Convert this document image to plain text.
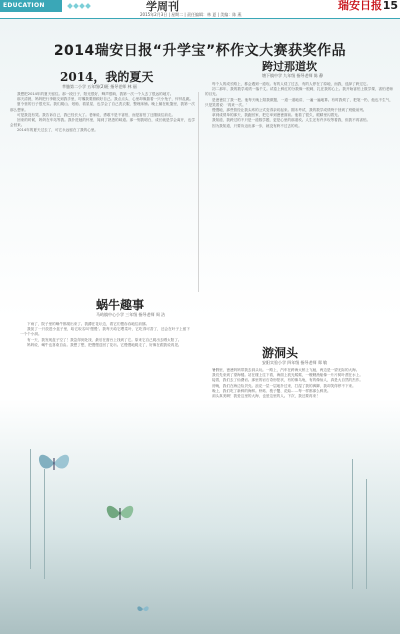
EDUCATION	学周刊	瑞安日报 15
2015年2月3日 | 星期二 | 责任编辑：林 夏 | 美编：陈 燕
2014瑞安日报“升学宝”杯作文大赛获奖作品
2014，我的夏天
莘塍第二小学 五年级(2)班 指导老师 林 丽

我想把2014年的夏天留住。那一段日子，阳光很好，蝉声很响，我第一次一个人去了很远的地方。

那天清晨，妈妈把行李箱交到我手里，叮嘱我要照顾好自己。我点点头，心里却像揣着一只小兔子，怦怦乱跳。

夏令营的日子很充实。我们爬山、划船、看星星，也学会了自己洗衣服、整理床铺。晚上躺在帐篷里，我第一次那么想家。

可是我没有哭。我告诉自己，我已经长大了。老师说，勇敢不是不害怕，而是害怕了还继续往前走。

回来的时候，妈妈在车站等我。我扑进她的怀里，闻到了熟悉的味道。那一刻我明白，成长就是学会离开，也学会回来。

2014年的夏天过去了，可它永远留在了我的心里。

跨过那道坎
塘下镇中学 九年级 指导老师 陈 静

每个人的成长路上，都会遇到一道坎。有的人绕了过去，有的人停在了原地，而我，选择了跨过它。

初二那年，我的数学成绩一落千丈。试卷上鲜红的分数像一根刺，扎在我的心上。我开始害怕上数学课，害怕老师的目光。

是爸爸拉了我一把。他每天晚上陪我做题，一道一道地讲，一遍一遍地算。有时我烦了，把笔一扔，他也不生气，只是笑着说：‘再来一次。’

慢慢地，那些曾经让我头疼的公式变得亲切起来。期末考试，我的数学成绩终于回到了班级前列。

拿到成绩单的那天，我跑回家，把它举到爸爸面前。他看了很久，眼睛里闪着光。

我知道，我跨过的不只是一道数学题，更是心里的那道坎。人生还有许多坎等着我，但我不再害怕。

因为我知道，只要肯迈出那一步，就没有跨不过去的坎。

蜗牛趣事
马屿镇中心小学 三年级 指导老师 周 洁

下雨了，院子里的蜗牛都爬出来了。我蹲在花坛边，看它们慢吞吞地往前挪。

我捉了一只放进小盒子里，给它取名叫‘慢慢’。我每天给它喂菜叶，它吃得可香了，还会在叶子上留下一个个小洞。

有一天，我发现盒子空了！我急得到处找，最后在窗台上找到了它。原来它自己爬出去晒太阳了。

妈妈说，蜗牛也喜欢自由。我想了想，把慢慢送回了花坛。它慢慢地爬走了，好像在跟我说再见。

游洞头
安阳实验小学 四年级 指导老师 郑 敏

暑假里，爸爸妈妈带我去洞头玩。一路上，汽车在跨海大桥上飞驰，两边是一望无际的大海。

我们先来到了望海楼。站在楼上往下看，海面上波光粼粼，一艘艘渔船像一片片树叶漂在水上。

接着，我们去了仙叠岩。那里的岩石奇形怪状，有的像乌龟，有的像仙人，真是大自然的杰作。

傍晚，我们在海边捡贝壳。浪花一层一层地扑过来，打湿了我的裤脚，我却笑得停不下来。

晚上，我们吃了新鲜的海鲜。虾蛄、梭子蟹、花蛤……每一样都那么鲜美。

洞头真美啊！我爱这里的大海，也爱这里的人。下次，我还要再来！
